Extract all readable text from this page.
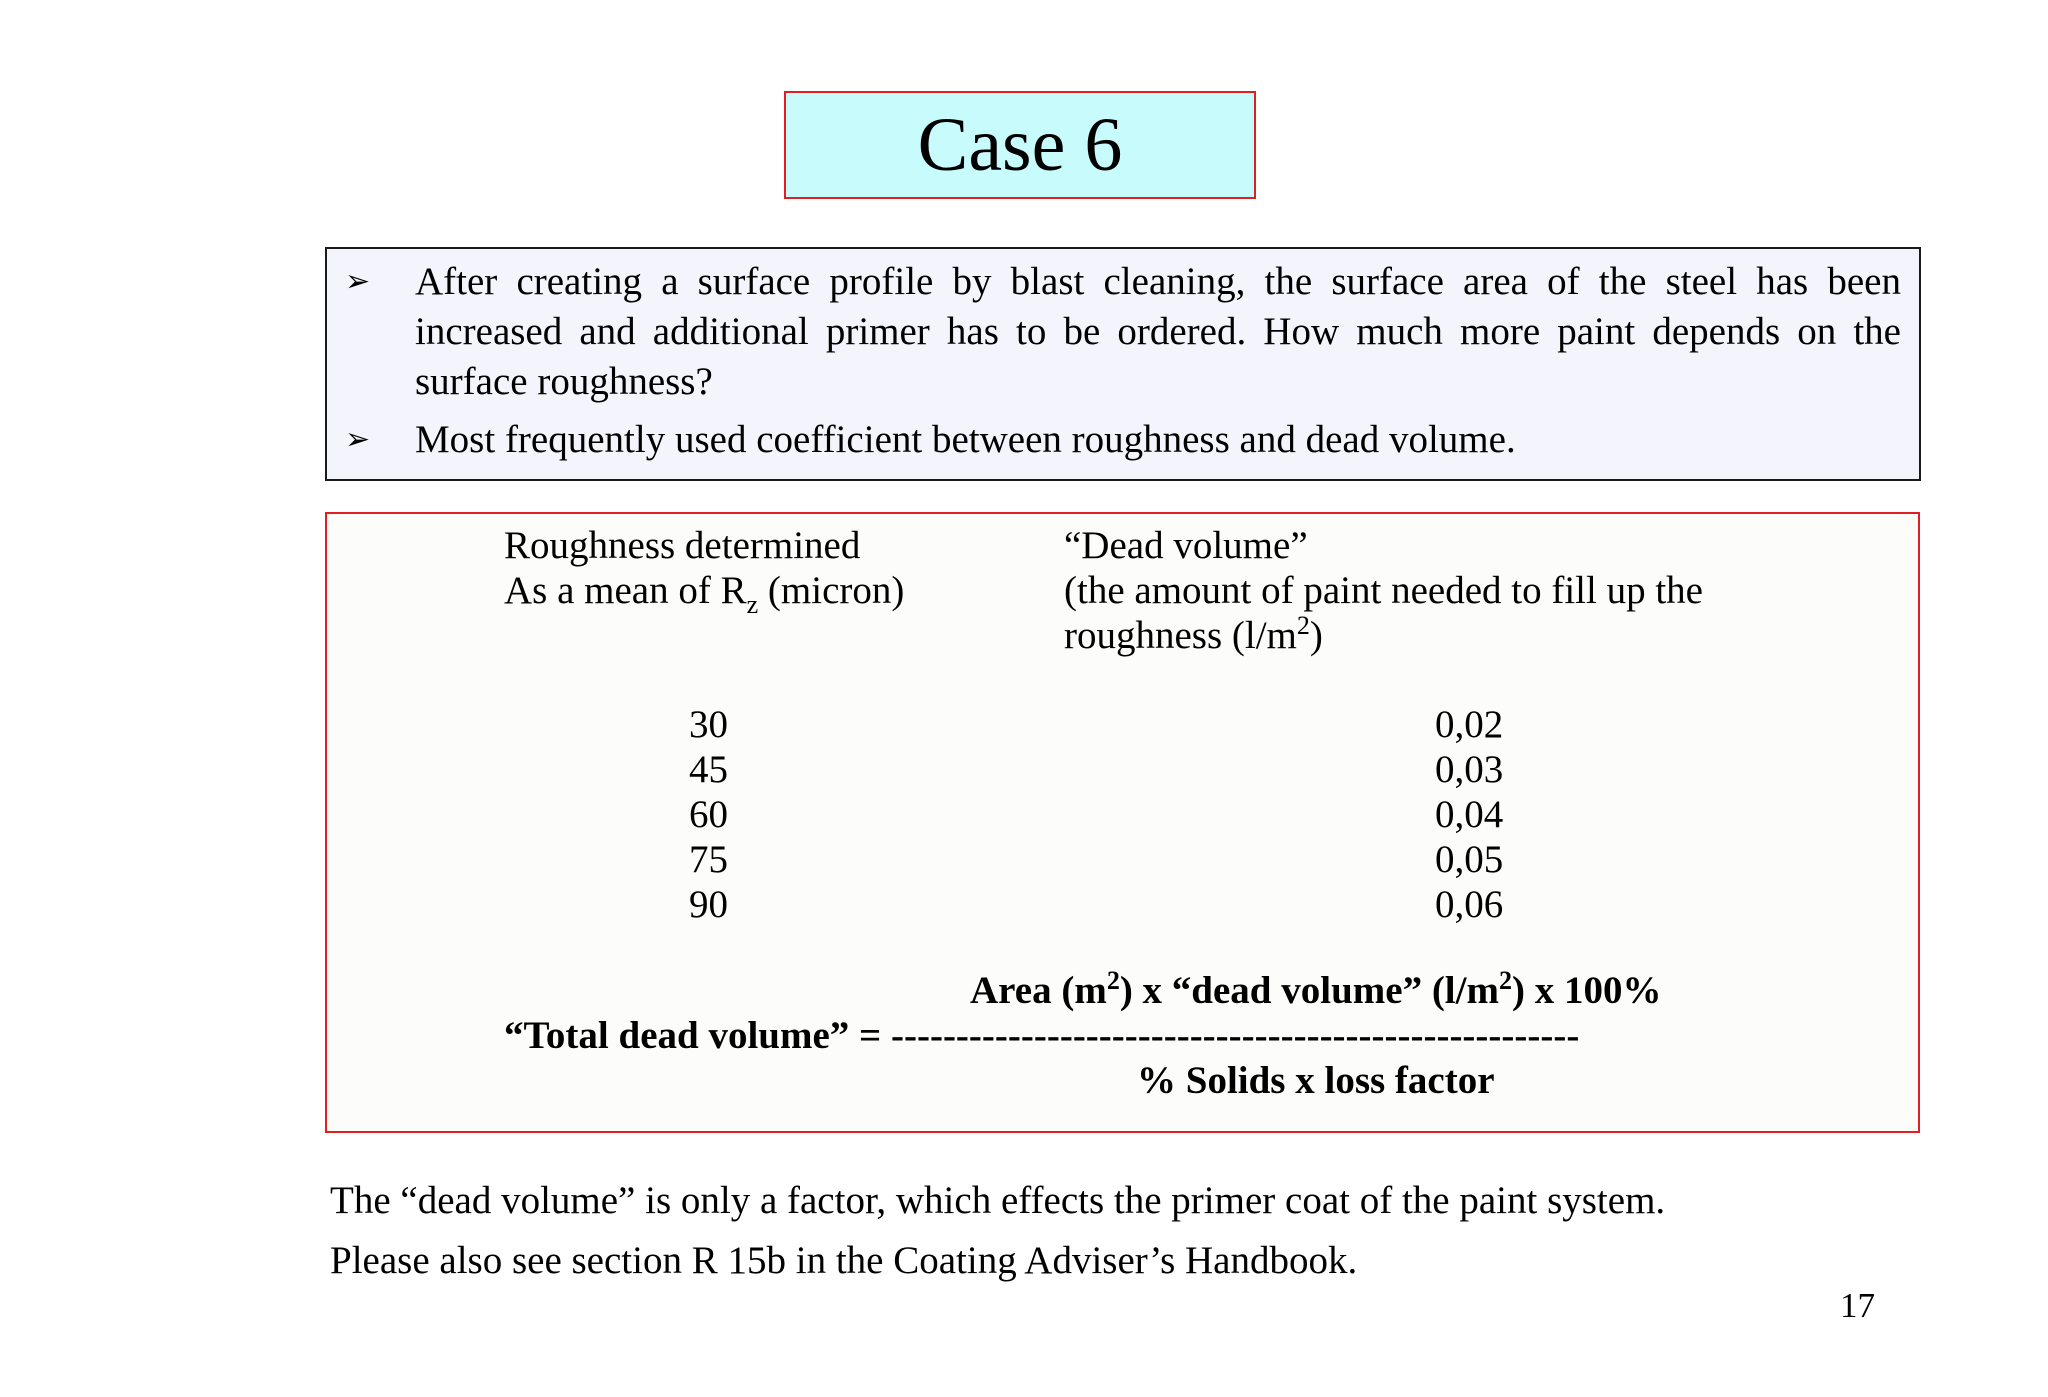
Case 6
➢	After creating a surface profile by blast cleaning, the surface area of the steel has been increased and additional primer has to be ordered. How much more paint depends on the surface roughness?
➢	Most frequently used coefficient between roughness and dead volume.
Roughness determined
As a mean of $R_z$ (micron)
“Dead volume”
(the amount of paint needed to fill up the
roughness $(l/m^2)$
30
45
60
75
90
0,02
0,03
0,04
0,05
0,06
Area $(m^2)$ x “dead volume” $(l/m^2)$ x 100%
“Total dead volume” = -----------------------------------------------------
% Solids x loss factor
The “dead volume” is only a factor, which effects the primer coat of the paint system.
Please also see section R 15b in the Coating Adviser’s Handbook.
17
